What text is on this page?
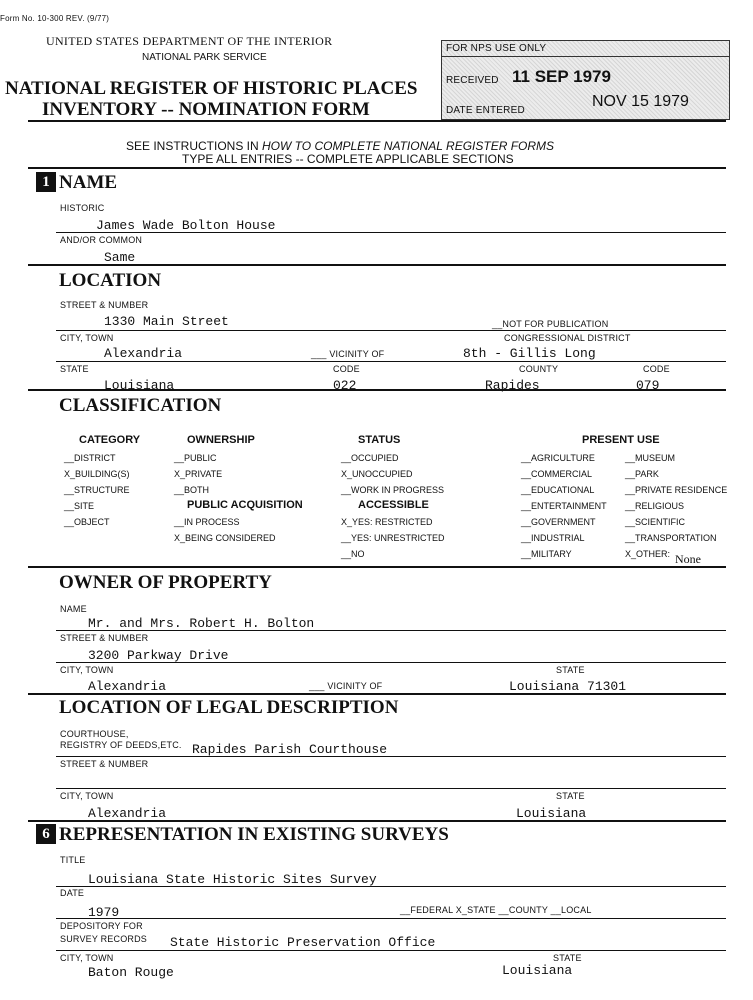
Form No. 10-300 REV. (9/77)
UNITED STATES DEPARTMENT OF THE INTERIOR
NATIONAL PARK SERVICE
NATIONAL REGISTER OF HISTORIC PLACES
INVENTORY -- NOMINATION FORM
FOR NPS USE ONLY
RECEIVED 11 SEP 1979
DATE ENTERED
NOV 15 1979
SEE INSTRUCTIONS IN HOW TO COMPLETE NATIONAL REGISTER FORMS
TYPE ALL ENTRIES -- COMPLETE APPLICABLE SECTIONS
1 NAME
HISTORIC
James Wade Bolton House
AND/OR COMMON
Same
LOCATION
STREET & NUMBER
1330 Main Street	__NOT FOR PUBLICATION
CITY, TOWN	CONGRESSIONAL DISTRICT
Alexandria	___ VICINITY OF	8th - Gillis Long
STATE	CODE	COUNTY	CODE
Louisiana	022	Rapides	079
CLASSIFICATION
CATEGORY
__DISTRICT
X_BUILDING(S)
__STRUCTURE
__SITE
__OBJECT
OWNERSHIP
__PUBLIC
X_PRIVATE
__BOTH
PUBLIC ACQUISITION
__IN PROCESS
X_BEING CONSIDERED
STATUS
__OCCUPIED
X_UNOCCUPIED
__WORK IN PROGRESS
ACCESSIBLE
X_YES: RESTRICTED
__YES: UNRESTRICTED
__NO
PRESENT USE
__AGRICULTURE
__COMMERCIAL
__EDUCATIONAL
__ENTERTAINMENT
__GOVERNMENT
__INDUSTRIAL
__MILITARY
__MUSEUM
__PARK
__PRIVATE RESIDENCE
__RELIGIOUS
__SCIENTIFIC
__TRANSPORTATION
X_OTHER: None
OWNER OF PROPERTY
NAME
Mr. and Mrs. Robert H. Bolton
STREET & NUMBER
3200 Parkway Drive
CITY, TOWN	STATE
Alexandria	___ VICINITY OF	Louisiana 71301
LOCATION OF LEGAL DESCRIPTION
COURTHOUSE,
REGISTRY OF DEEDS,ETC. Rapides Parish Courthouse
STREET & NUMBER
CITY, TOWN	STATE
Alexandria	Louisiana
6 REPRESENTATION IN EXISTING SURVEYS
TITLE
Louisiana State Historic Sites Survey
DATE
1979	__FEDERAL X_STATE __COUNTY __LOCAL
DEPOSITORY FOR
SURVEY RECORDS State Historic Preservation Office
CITY, TOWN	STATE
Baton Rouge	Louisiana
